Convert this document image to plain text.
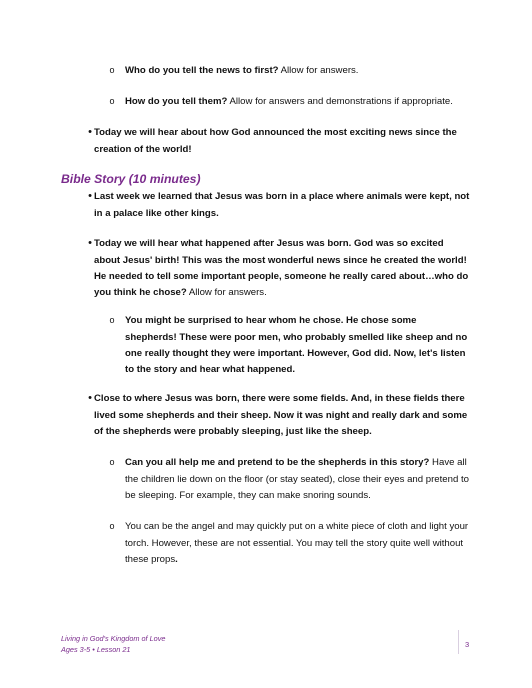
o Who do you tell the news to first? Allow for answers.
o How do you tell them? Allow for answers and demonstrations if appropriate.
• Today we will hear about how God announced the most exciting news since the
creation of the world!
Bible Story (10 minutes)
• Last week we learned that Jesus was born in a place where animals were kept, not
in a palace like other kings.
• Today we will hear what happened after Jesus was born. God was so excited
about Jesus' birth! This was the most wonderful news since he created the world!
He needed to tell some important people, someone he really cared about…who do
you think he chose? Allow for answers.
o You might be surprised to hear whom he chose. He chose some
shepherds! These were poor men, who probably smelled like sheep and no
one really thought they were important. However, God did. Now, let's listen
to the story and hear what happened.
• Close to where Jesus was born, there were some fields. And, in these fields there
lived some shepherds and their sheep. Now it was night and really dark and some
of the shepherds were probably sleeping, just like the sheep.
o Can you all help me and pretend to be the shepherds in this story? Have all
the children lie down on the floor (or stay seated), close their eyes and pretend to
be sleeping. For example, they can make snoring sounds.
o You can be the angel and may quickly put on a white piece of cloth and light your
torch. However, these are not essential. You may tell the story quite well without
these props.
Living in God's Kingdom of Love
Ages 3-5 • Lesson 21
3
